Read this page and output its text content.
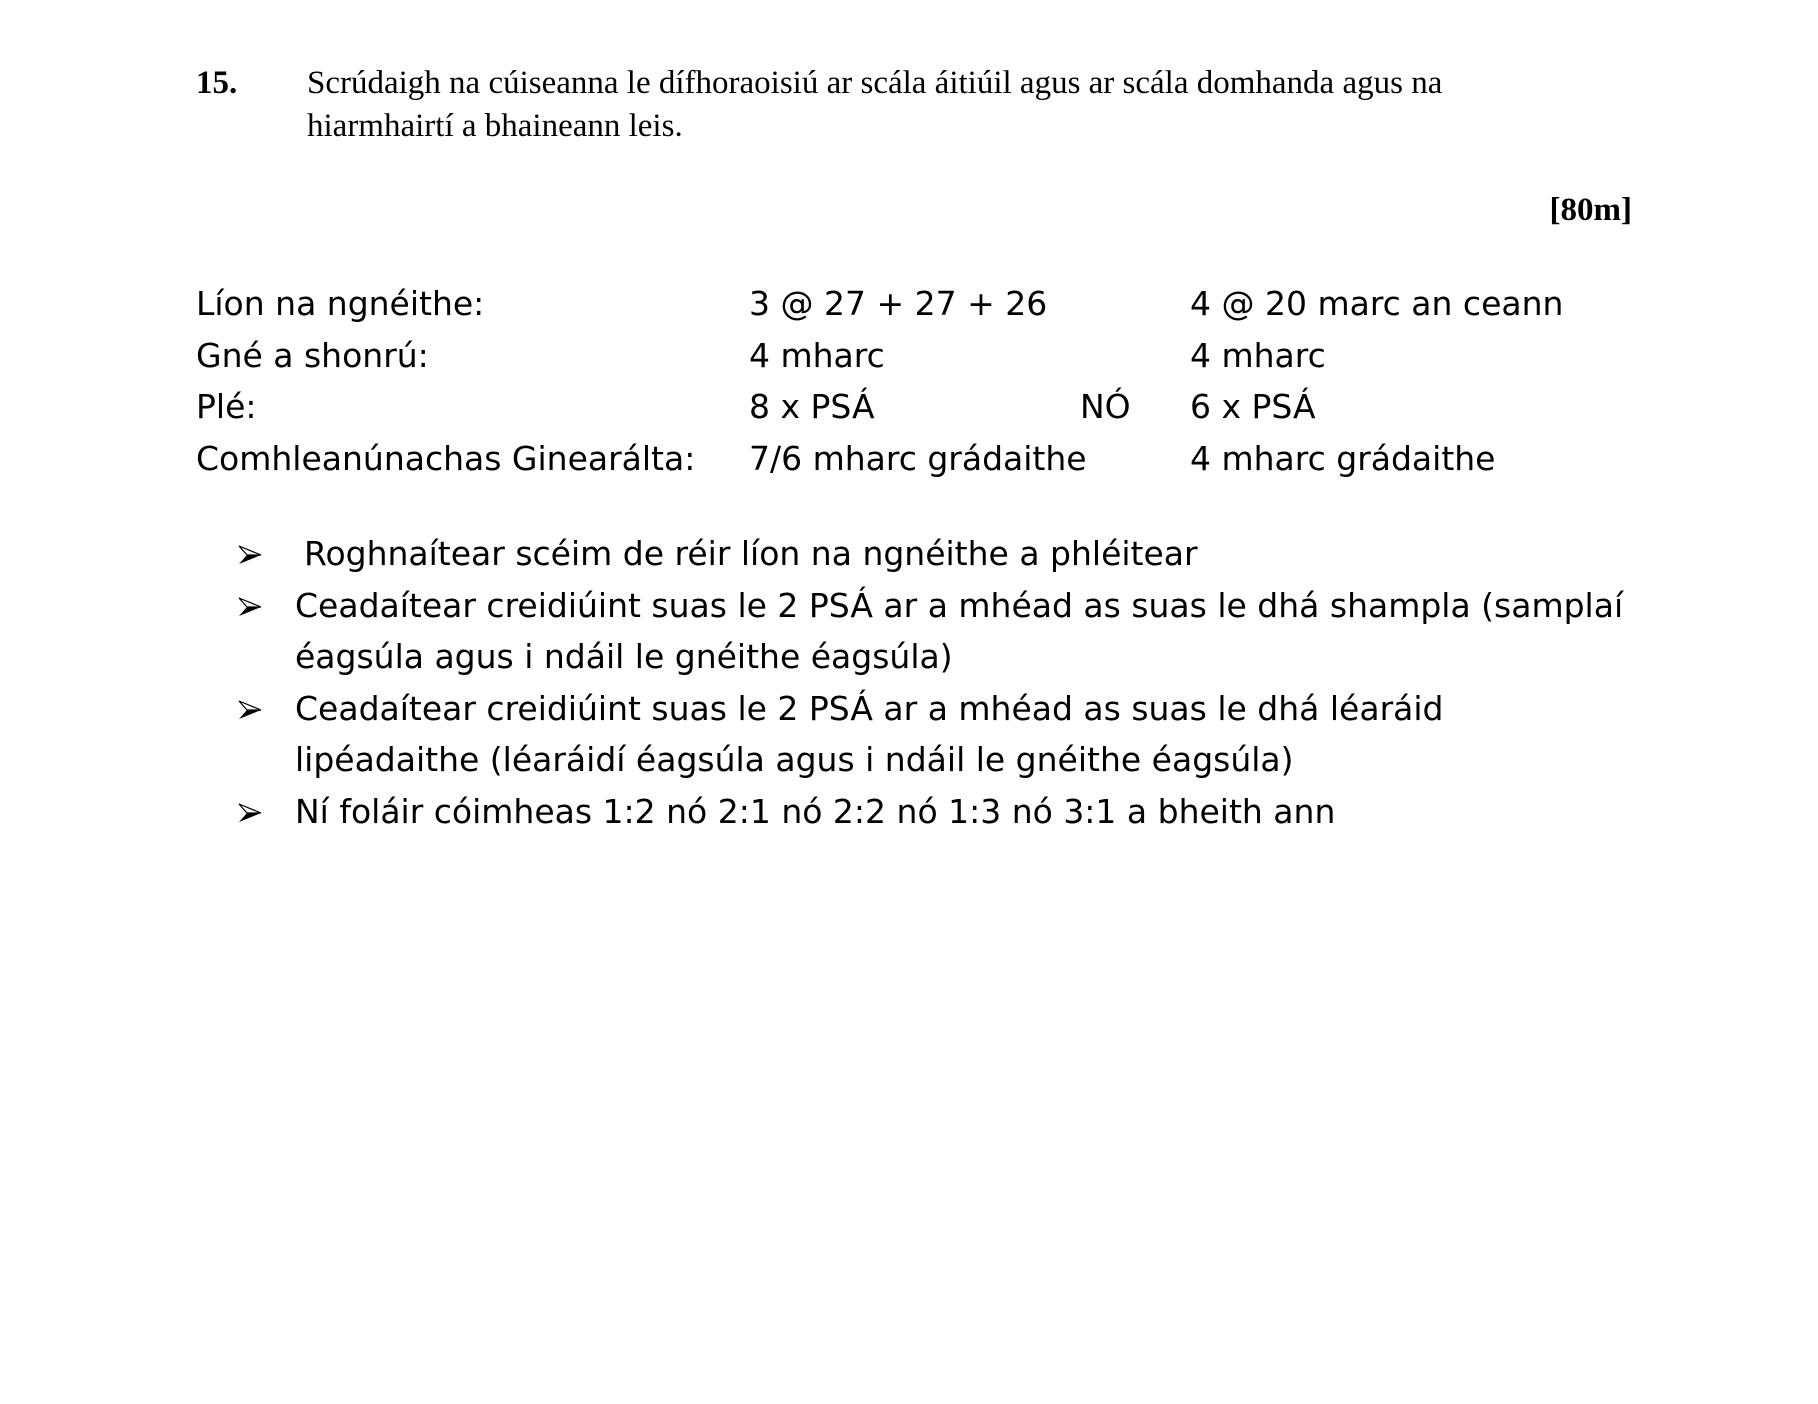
15. Scrúdaigh na cúiseanna le dífhoraoisiú ar scála áitiúil agus ar scála domhanda agus na hiarmhairtí a bhaineann leis.
[80m]
Líon na ngnéithe:	3 @ 27 + 27 + 26	4 @ 20 marc an ceann
Gné a shonrú:	4 mharc	4 mharc
Plé:	8 x PSÁ	NÓ 6 x PSÁ
Comhleanúnachas Ginearálta: 7/6 mharc grádaithe	4 mharc grádaithe
Roghnaítear scéim de réir líon na ngnéithe a phléitear
Ceadaítear creidiúint suas le 2 PSÁ ar a mhéad as suas le dhá shampla (samplaí éagsúla agus i ndáil le gnéithe éagsúla)
Ceadaítear creidiúint suas le 2 PSÁ ar a mhéad as suas le dhá léaráid lipéadaithe (léaráidí éagsúla agus i ndáil le gnéithe éagsúla)
Ní foláir cóimheas 1:2 nó 2:1 nó 2:2 nó 1:3 nó 3:1 a bheith ann
